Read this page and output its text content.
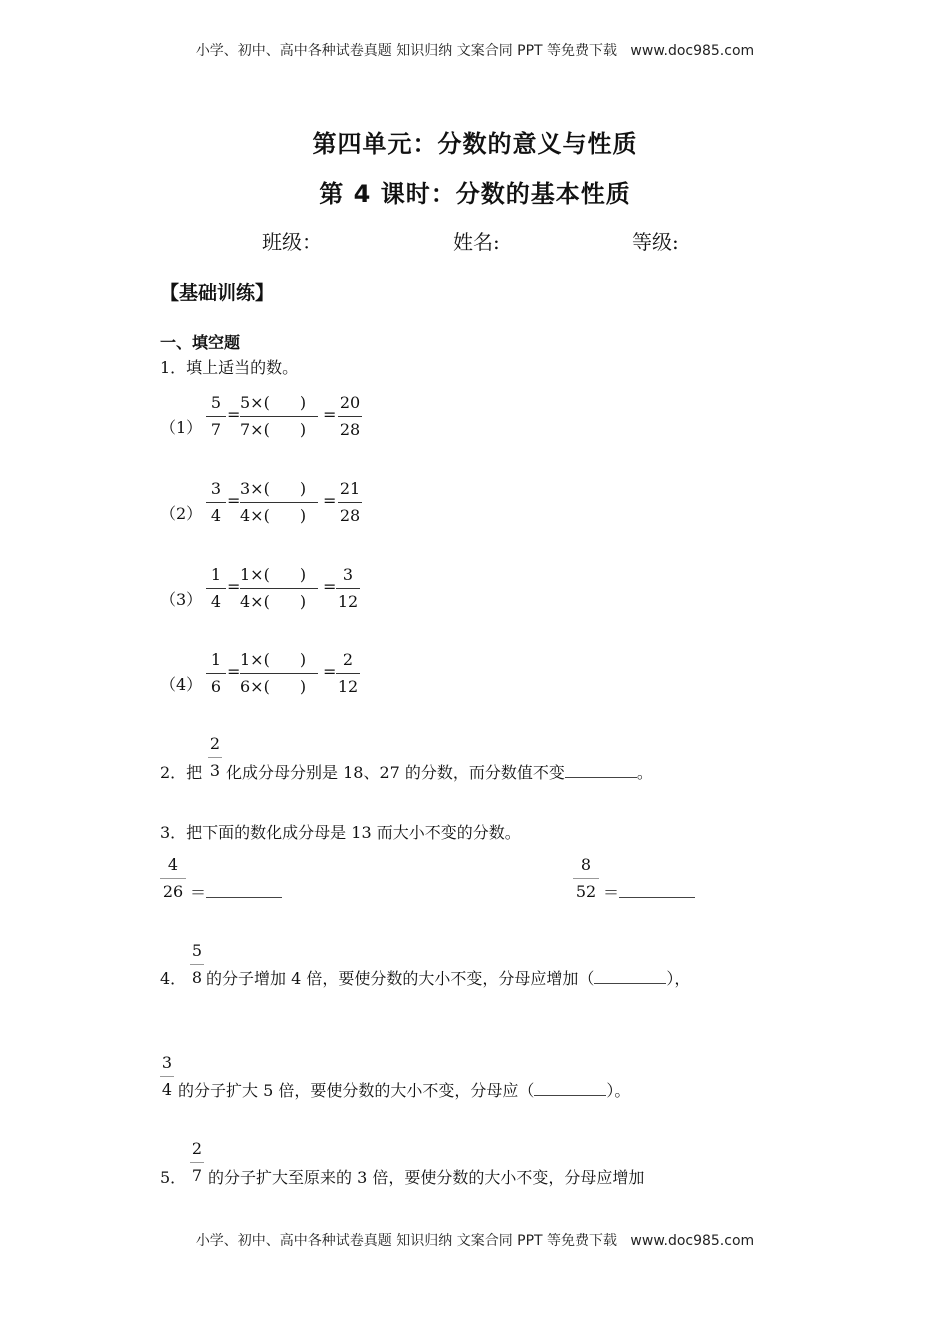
小学、初中、高中各种试卷真题 知识归纳 文案合同 PPT 等免费下载 www.doc985.com
第四单元：分数的意义与性质
第 4 课时：分数的基本性质
班级：	姓名:	等级:
【基础训练】
一、填空题
1．填上适当的数。
（1）
5
7
=
5×( )
7×( )
=
20
28
（2）
3
4
=
3×( )
4×( )
=
21
28
（3）
1
4
=
1×( )
4×( )
=
3
12
（4）
1
6
=
1×( )
6×( )
=
2
12
2．把
2
3 化成分母分别是 18、27 的分数，而分数值不变	。
3．把下面的数化成分母是 13 而大小不变的分数。
4
26 ＝
8
52 ＝
4．
5
8 的分子增加 4 倍，要使分数的大小不变，分母应增加（	），
3
4 的分子扩大 5 倍，要使分数的大小不变，分母应（	）。
5．
2
7 的分子扩大至原来的 3 倍，要使分数的大小不变，分母应增加
小学、初中、高中各种试卷真题 知识归纳 文案合同 PPT 等免费下载 www.doc985.com
